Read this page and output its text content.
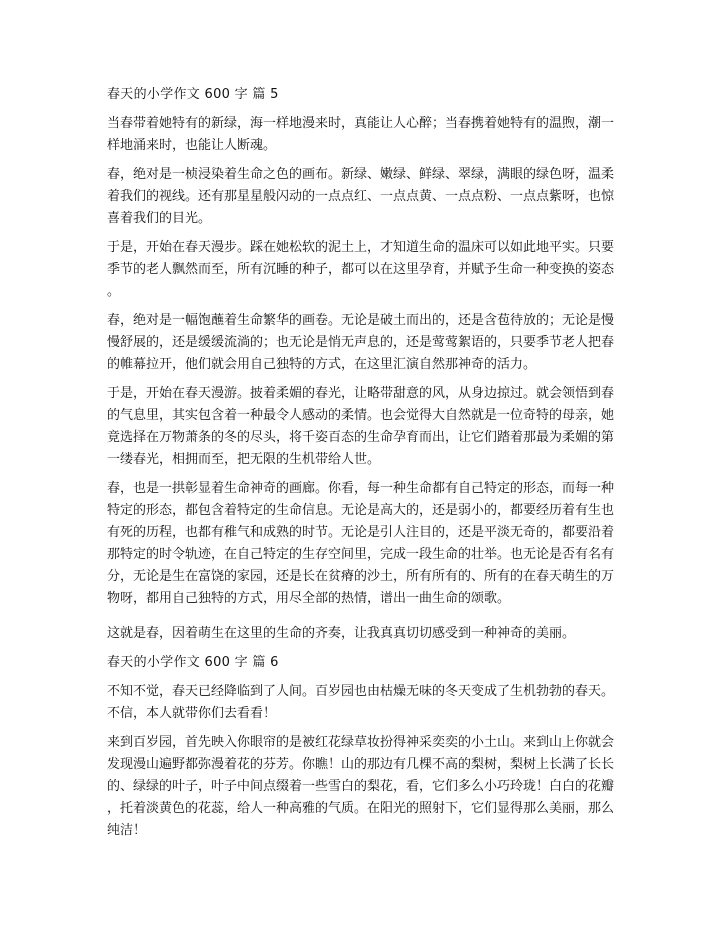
春天的小学作文 600 字 篇 5
当春带着她特有的新绿，海一样地漫来时，真能让人心醉；当春携着她特有的温煦，潮一
样地涌来时，也能让人断魂。
春，绝对是一桢浸染着生命之色的画布。新绿、嫩绿、鲜绿、翠绿，满眼的绿色呀，温柔
着我们的视线。还有那星星般闪动的一点点红、一点点黄、一点点粉、一点点紫呀，也惊
喜着我们的目光。
于是，开始在春天漫步。踩在她松软的泥土上，才知道生命的温床可以如此地平实。只要
季节的老人飘然而至，所有沉睡的种子，都可以在这里孕育，并赋予生命一种变换的姿态
。
春，绝对是一幅饱蘸着生命繁华的画卷。无论是破土而出的，还是含苞待放的；无论是慢
慢舒展的，还是缓缓流淌的；也无论是悄无声息的，还是莺莺絮语的，只要季节老人把春
的帷幕拉开，他们就会用自己独特的方式，在这里汇演自然那神奇的活力。
于是，开始在春天漫游。披着柔媚的春光，让略带甜意的风，从身边掠过。就会领悟到春
的气息里，其实包含着一种最令人感动的柔情。也会觉得大自然就是一位奇特的母亲，她
竟选择在万物萧条的冬的尽头，将千姿百态的生命孕育而出，让它们踏着那最为柔媚的第
一缕春光，相拥而至，把无限的生机带给人世。
春，也是一拱彰显着生命神奇的画廊。你看，每一种生命都有自己特定的形态，而每一种
特定的形态，都包含着特定的生命信息。无论是高大的，还是弱小的，都要经历着有生也
有死的历程，也都有稚气和成熟的时节。无论是引人注目的，还是平淡无奇的，都要沿着
那特定的时令轨迹，在自己特定的生存空间里，完成一段生命的壮举。也无论是否有名有
分，无论是生在富饶的家园，还是长在贫瘠的沙土，所有所有的、所有的在春天萌生的万
物呀，都用自己独特的方式，用尽全部的热情，谱出一曲生命的颂歌。
这就是春，因着萌生在这里的生命的齐奏，让我真真切切感受到一种神奇的美丽。
春天的小学作文 600 字 篇 6
不知不觉，春天已经降临到了人间。百岁园也由枯燥无味的冬天变成了生机勃勃的春天。
不信，本人就带你们去看看！
来到百岁园，首先映入你眼帘的是被红花绿草妆扮得神采奕奕的小土山。来到山上你就会
发现漫山遍野都弥漫着花的芬芳。你瞧！山的那边有几棵不高的梨树，梨树上长满了长长
的、绿绿的叶子，叶子中间点缀着一些雪白的梨花，看，它们多么小巧玲珑！白白的花瓣
，托着淡黄色的花蕊，给人一种高雅的气质。在阳光的照射下，它们显得那么美丽，那么
纯洁！
